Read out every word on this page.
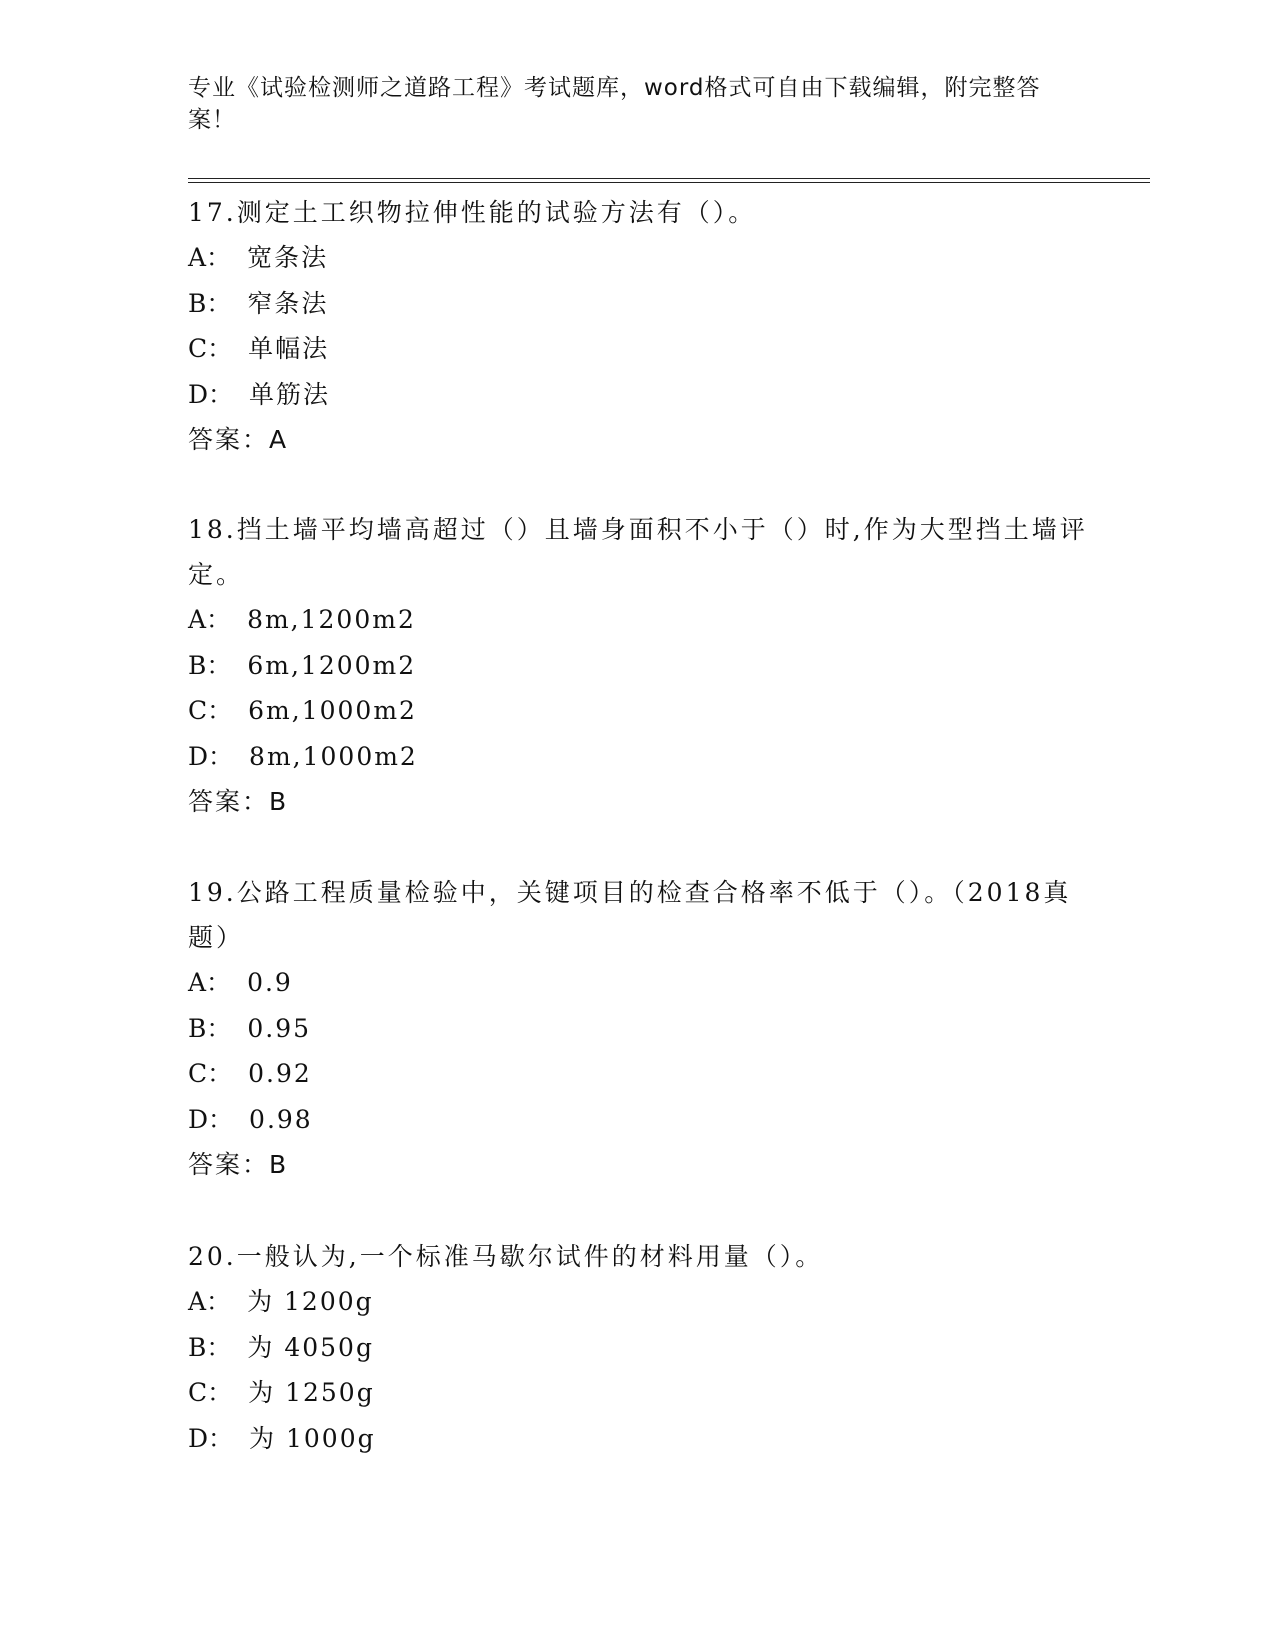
专业《试验检测师之道路工程》考试题库，word格式可自由下载编辑，附完整答案！

17.测定土工织物拉伸性能的试验方法有（）。

A： 宽条法

B： 窄条法

C： 单幅法

D： 单筋法

答案：A

18.挡土墙平均墙高超过（）且墙身面积不小于（）时,作为大型挡土墙评定。

A： 8m,1200m2

B： 6m,1200m2

C： 6m,1000m2

D： 8m,1000m2

答案：B

19.公路工程质量检验中，关键项目的检查合格率不低于（）。（2018真题）

A： 0.9

B： 0.95

C： 0.92

D： 0.98

答案：B

20.一般认为,一个标准马歇尔试件的材料用量（）。

A： 为 1200g

B： 为 4050g

C： 为 1250g

D： 为 1000g
